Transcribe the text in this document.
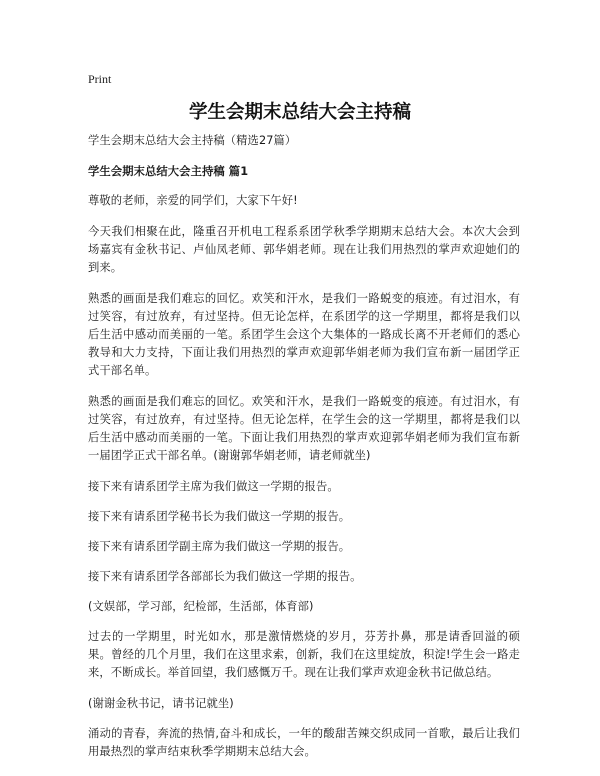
Print
学生会期末总结大会主持稿

学生会期末总结大会主持稿（精选27篇）

学生会期末总结大会主持稿 篇1

尊敬的老师，亲爱的同学们，大家下午好!

今天我们相聚在此，隆重召开机电工程系系团学秋季学期期末总结大会。本次大会到场嘉宾有金秋书记、卢仙凤老师、郭华娟老师。现在让我们用热烈的掌声欢迎她们的到来。

熟悉的画面是我们难忘的回忆。欢笑和汗水，是我们一路蜕变的痕迹。有过泪水，有过笑容，有过放弃，有过坚持。但无论怎样，在系团学的这一学期里，都将是我们以后生活中感动而美丽的一笔。系团学生会这个大集体的一路成长离不开老师们的悉心教导和大力支持，下面让我们用热烈的掌声欢迎郭华娟老师为我们宣布新一届团学正式干部名单。

熟悉的画面是我们难忘的回忆。欢笑和汗水，是我们一路蜕变的痕迹。有过泪水，有过笑容，有过放弃，有过坚持。但无论怎样，在学生会的这一学期里，都将是我们以后生活中感动而美丽的一笔。下面让我们用热烈的掌声欢迎郭华娟老师为我们宣布新一届团学正式干部名单。(谢谢郭华娟老师，请老师就坐)

接下来有请系团学主席为我们做这一学期的报告。

接下来有请系团学秘书长为我们做这一学期的报告。

接下来有请系团学副主席为我们做这一学期的报告。

接下来有请系团学各部部长为我们做这一学期的报告。

(文娱部，学习部，纪检部，生活部，体育部)

过去的一学期里，时光如水，那是激情燃烧的岁月，芬芳扑鼻，那是请香回溢的硕果。曾经的几个月里，我们在这里求索，创新，我们在这里绽放，积淀!学生会一路走来，不断成长。举首回望，我们感慨万千。现在让我们掌声欢迎金秋书记做总结。

(谢谢金秋书记，请书记就坐)

涌动的青春，奔流的热情,奋斗和成长，一年的酸甜苦辣交织成同一首歌，最后让我们用最热烈的掌声结束秋季学期期末总结大会。
